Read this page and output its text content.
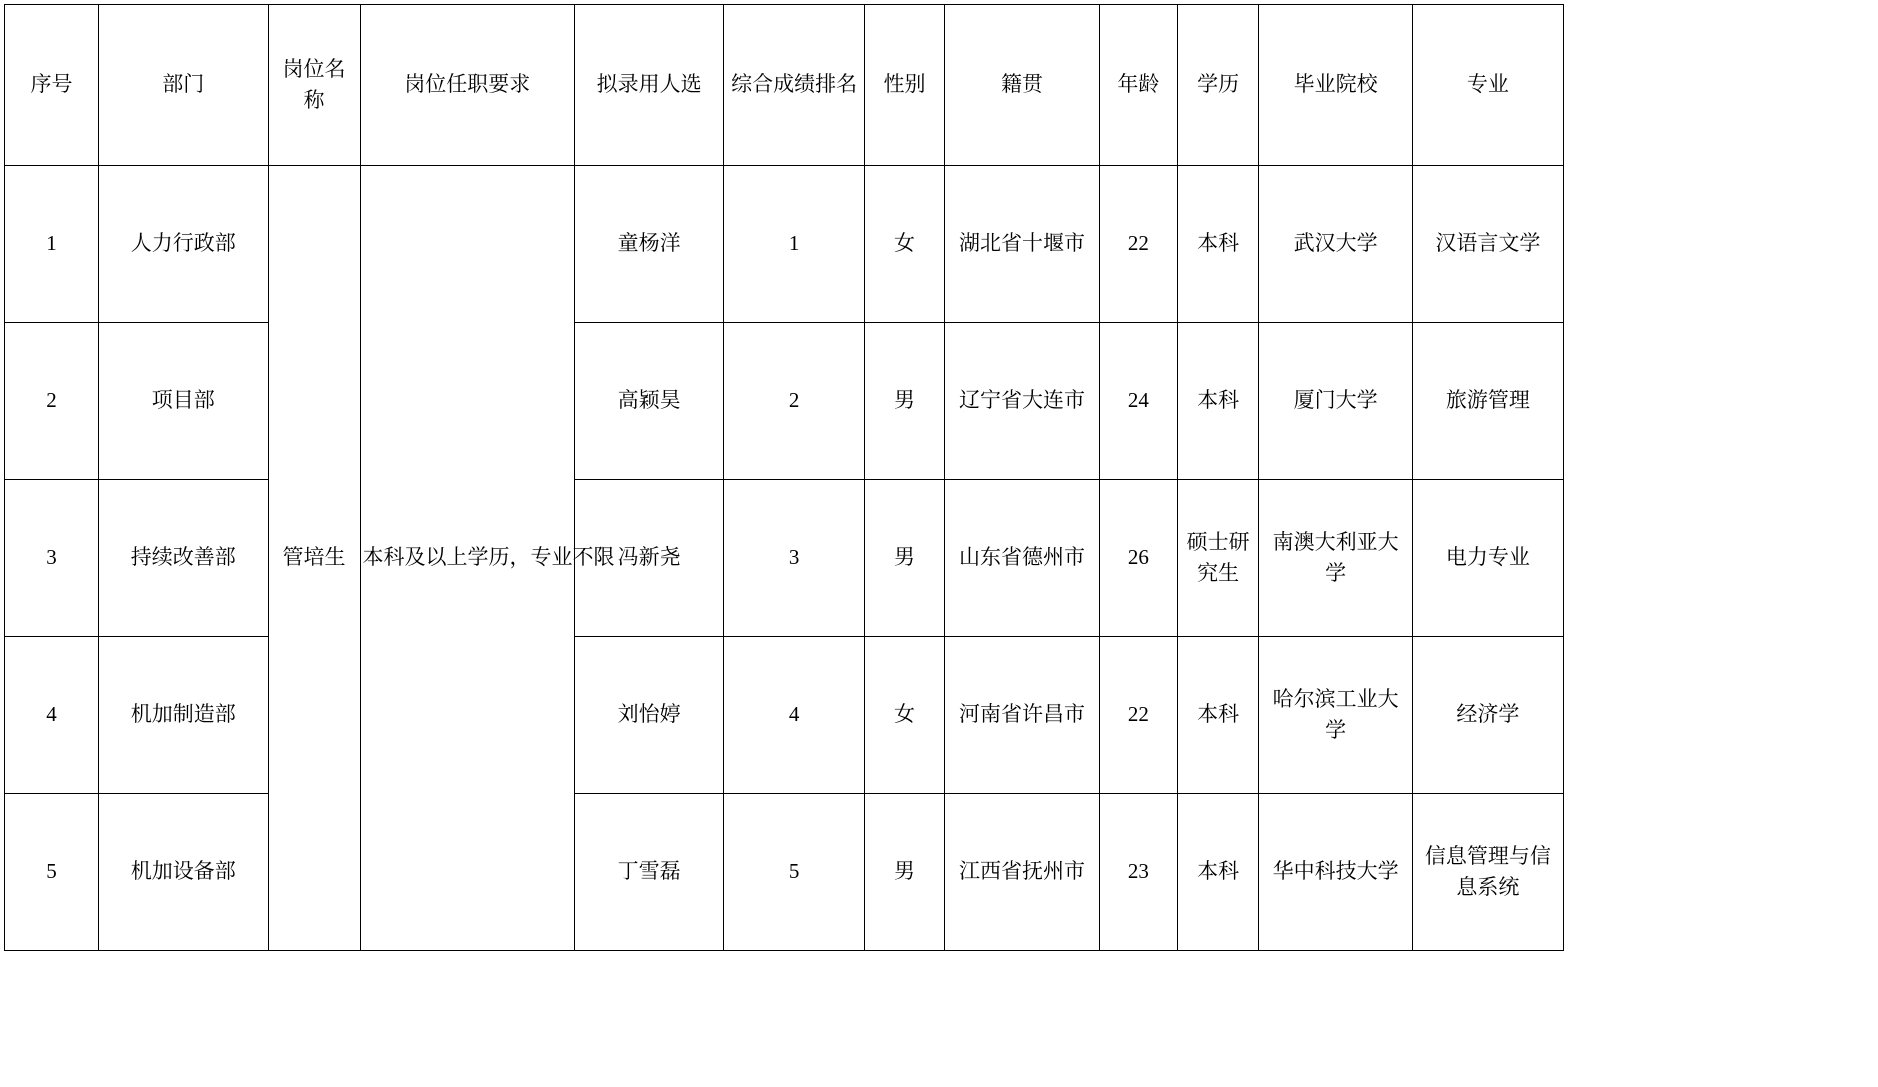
序号	部门	岗位名称	岗位任职要求	拟录用人选	综合成绩排名	性别	籍贯	年龄	学历	毕业院校	专业
1	人力行政部	管培生	本科及以上学历，专业不限	童杨洋	1	女	湖北省十堰市	22	本科	武汉大学	汉语言文学
2	项目部			高颖昊	2	男	辽宁省大连市	24	本科	厦门大学	旅游管理
3	持续改善部			冯新尧	3	男	山东省德州市	26	硕士研究生	南澳大利亚大学	电力专业
4	机加制造部			刘怡婷	4	女	河南省许昌市	22	本科	哈尔滨工业大学	经济学
5	机加设备部			丁雪磊	5	男	江西省抚州市	23	本科	华中科技大学	信息管理与信息系统
